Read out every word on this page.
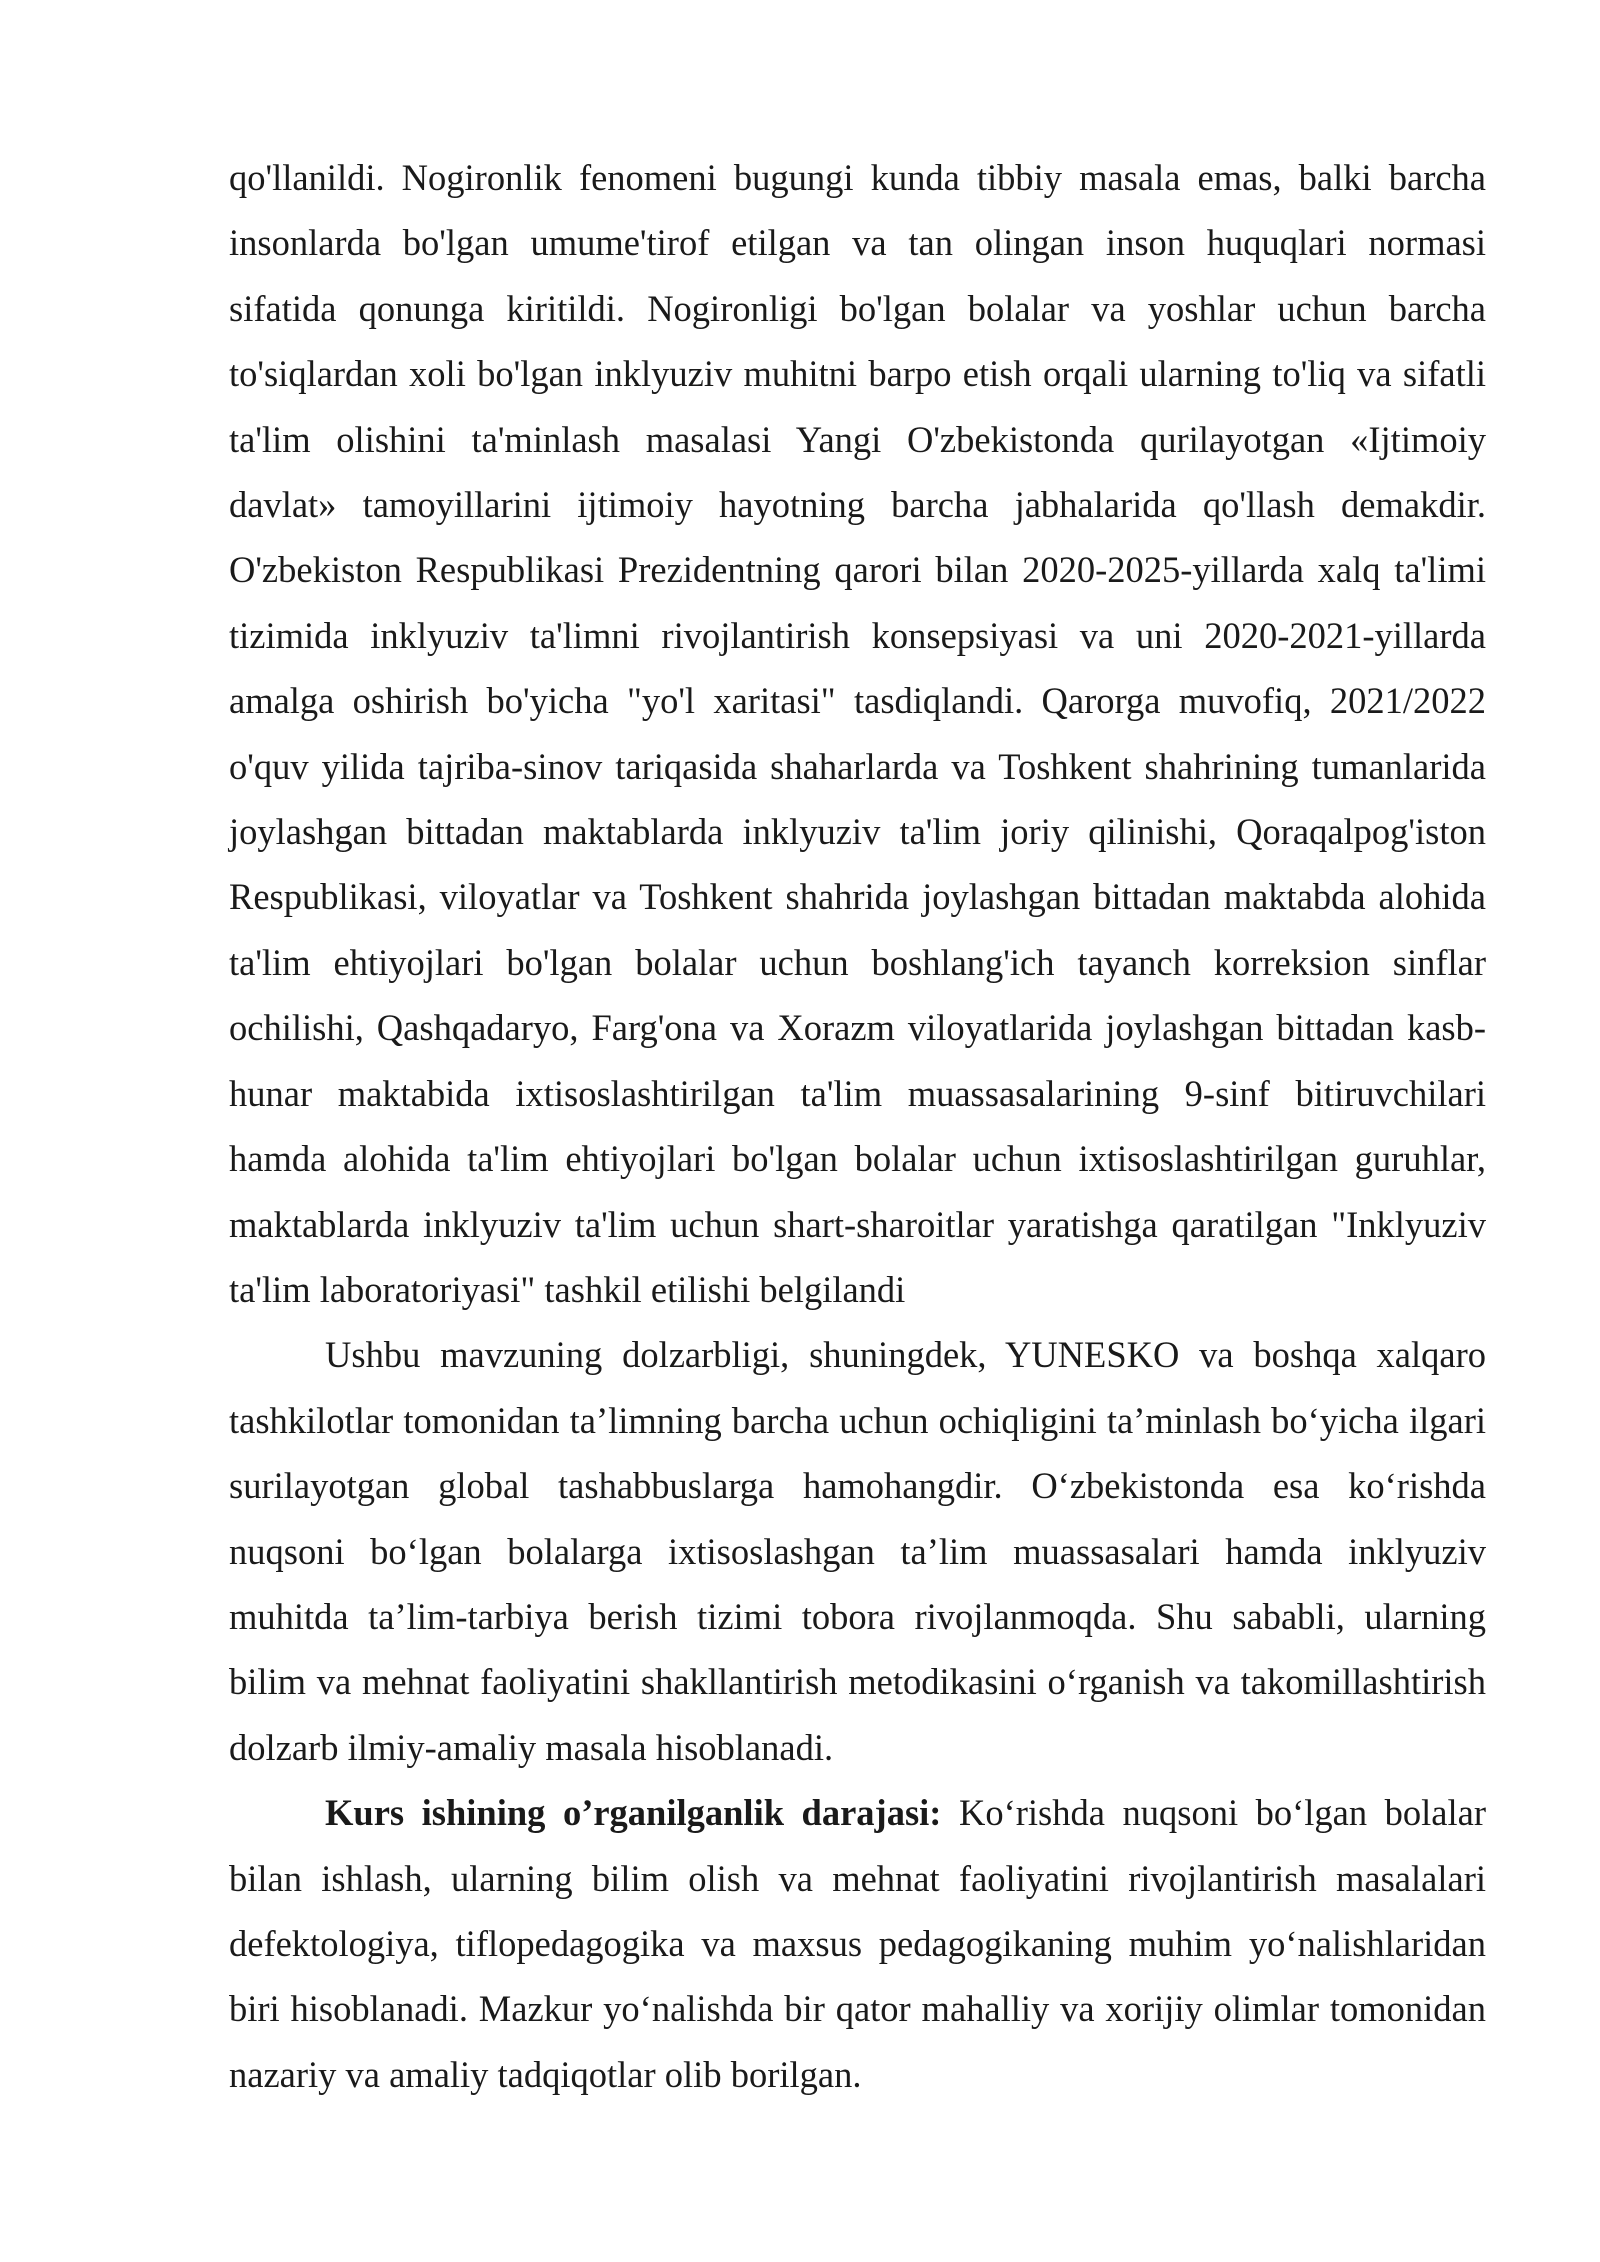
qo'llanildi. Nogironlik fenomeni bugungi kunda tibbiy masala emas, balki barcha insonlarda bo'lgan umume'tirof etilgan va tan olingan inson huquqlari normasi sifatida qonunga kiritildi. Nogironligi bo'lgan bolalar va yoshlar uchun barcha to'siqlardan xoli bo'lgan inklyuziv muhitni barpo etish orqali ularning to'liq va sifatli ta'lim olishini ta'minlash masalasi Yangi O'zbekistonda qurilayotgan «Ijtimoiy davlat» tamoyillarini ijtimoiy hayotning barcha jabhalarida qo'llash demakdir. O'zbekiston Respublikasi Prezidentning qarori bilan 2020-2025-yillarda xalq ta'limi tizimida inklyuziv ta'limni rivojlantirish konsepsiyasi va uni 2020-2021-yillarda amalga oshirish bo'yicha "yo'l xaritasi" tasdiqlandi. Qarorga muvofiq, 2021/2022 o'quv yilida tajriba-sinov tariqasida shaharlarda va Toshkent shahrining tumanlarida joylashgan bittadan maktablarda inklyuziv ta'lim joriy qilinishi, Qoraqalpog'iston Respublikasi, viloyatlar va Toshkent shahrida joylashgan bittadan maktabda alohida ta'lim ehtiyojlari bo'lgan bolalar uchun boshlang'ich tayanch korreksion sinflar ochilishi, Qashqadaryo, Farg'ona va Xorazm viloyatlarida joylashgan bittadan kasb-hunar maktabida ixtisoslashtirilgan ta'lim muassasalarining 9-sinf bitiruvchilari hamda alohida ta'lim ehtiyojlari bo'lgan bolalar uchun ixtisoslashtirilgan guruhlar, maktablarda inklyuziv ta'lim uchun shart-sharoitlar yaratishga qaratilgan "Inklyuziv ta'lim laboratoriyasi" tashkil etilishi belgilandi

Ushbu mavzuning dolzarbligi, shuningdek, YUNESKO va boshqa xalqaro tashkilotlar tomonidan ta’limning barcha uchun ochiqligini ta’minlash bo‘yicha ilgari surilayotgan global tashabbuslarga hamohangdir. O‘zbekistonda esa ko‘rishda nuqsoni bo‘lgan bolalarga ixtisoslashgan ta’lim muassasalari hamda inklyuziv muhitda ta’lim-tarbiya berish tizimi tobora rivojlanmoqda. Shu sababli, ularning bilim va mehnat faoliyatini shakllantirish metodikasini o‘rganish va takomillashtirish dolzarb ilmiy-amaliy masala hisoblanadi.

Kurs ishining o’rganilganlik darajasi: Ko‘rishda nuqsoni bo‘lgan bolalar bilan ishlash, ularning bilim olish va mehnat faoliyatini rivojlantirish masalalari defektologiya, tiflopedagogika va maxsus pedagogikaning muhim yo‘nalishlaridan biri hisoblanadi. Mazkur yo‘nalishda bir qator mahalliy va xorijiy olimlar tomonidan nazariy va amaliy tadqiqotlar olib borilgan.
